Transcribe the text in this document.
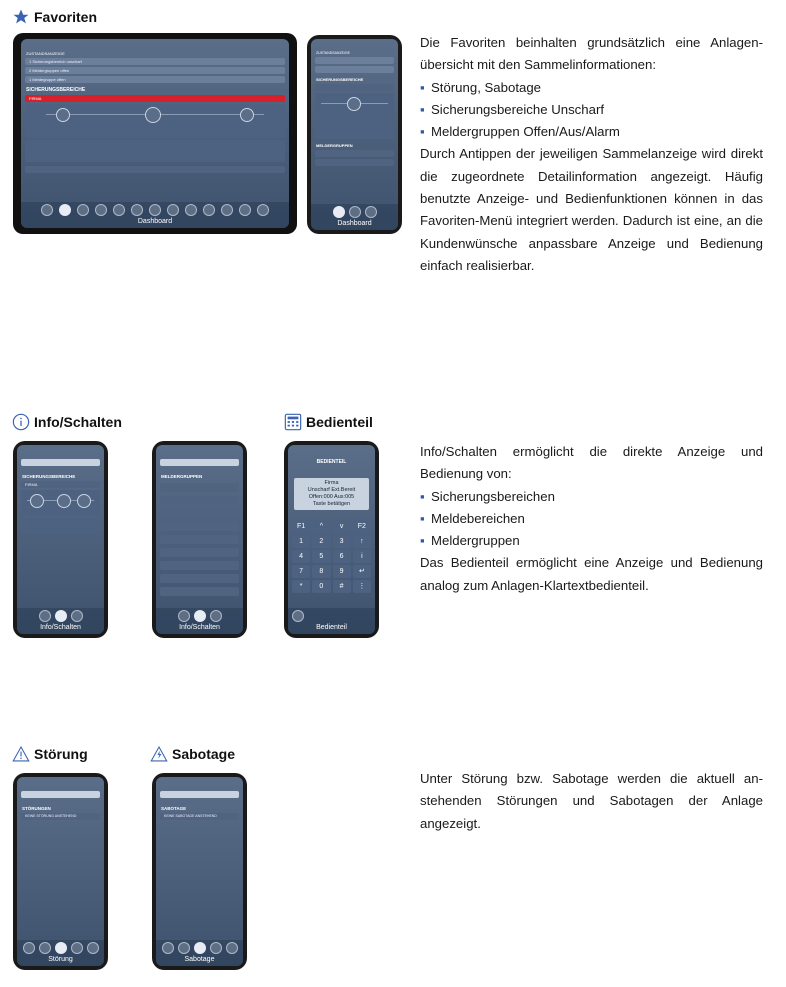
Favoriten
Info/Schalten	Bedienteil
Störung	Sabotage

Die Favoriten beinhalten grundsätzlich eine Anlagenübersicht mit den Sammelinformationen:

▪ Störung, Sabotage
▪ Sicherungsbereiche Unscharf
▪ Meldergruppen Offen/Aus/Alarm

Durch Antippen der jeweiligen Sammelanzeige wird direkt die zugeordnete Detailinformation angezeigt. Häufig benutzte Anzeige- und Bedienfunktionen können in das Favoriten-Menü integriert werden. Dadurch ist eine, an die Kundenwünsche anpassbare Anzeige und Bedienung einfach realisierbar.

Info/Schalten ermöglicht die direkte Anzeige und Bedienung von:

▪ Sicherungsbereichen
▪ Meldebereichen
▪ Meldergruppen

Das Bedienteil ermöglicht eine Anzeige und Bedienung analog zum Anlagen-Klartextbedienteil.

Unter Störung bzw. Sabotage werden die aktuell anstehenden Störungen und Sabotagen der Anlage angezeigt.

ZUSTANDSANZEIGE
1 Sicherungsbereich unscharf
2 Meldergruppen offen
1 Meldegruppe offen
SICHERUNGSBEREICHE
FIRMA

Dashboard

ZUSTANDSANZEIGE

SICHERUNGSBEREICHE

MELDERGRUPPEN

Dashboard

SICHERUNGSBEREICHE
FIRMA
Info/Schalten

MELDERGRUPPEN

Info/Schalten

BEDIENTEIL
Firma
Unscharf Ext.Bereit
Offen:000 Aus:005
Taste betätigen
F1	^	v	F2
1	2	3	↑
4	5	6	i
7	8	9	↵
*	0	#	⋮
Bedienteil

STÖRUNGEN
KEINE STÖRUNG ANSTEHEND
Störung

SABOTAGE
KEINE SABOTAGE ANSTEHEND
Sabotage
